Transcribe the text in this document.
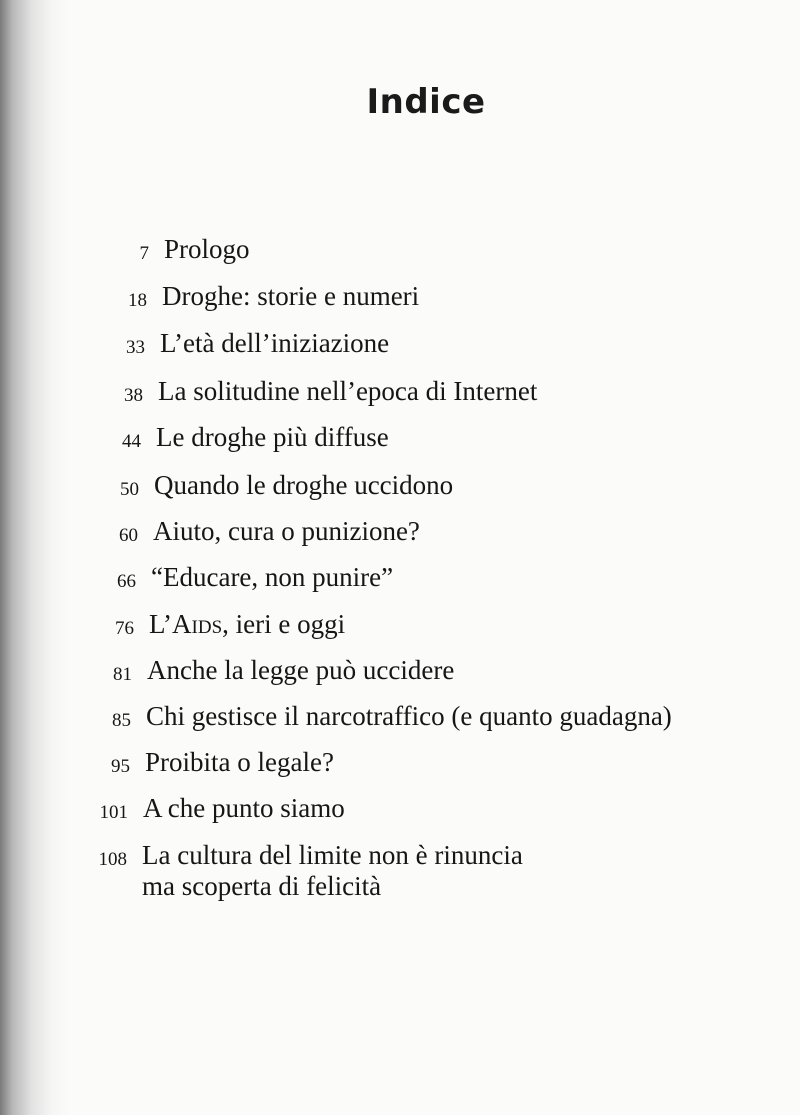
Indice
7 Prologo
18 Droghe: storie e numeri
33 L’età dell’iniziazione
38 La solitudine nell’epoca di Internet
44 Le droghe più diffuse
50 Quando le droghe uccidono
60 Aiuto, cura o punizione?
66 “Educare, non punire”
76 L’Aids, ieri e oggi
81 Anche la legge può uccidere
85 Chi gestisce il narcotraffico (e quanto guadagna)
95 Proibita o legale?
101 A che punto siamo
108 La cultura del limite non è rinuncia
ma scoperta di felicità
